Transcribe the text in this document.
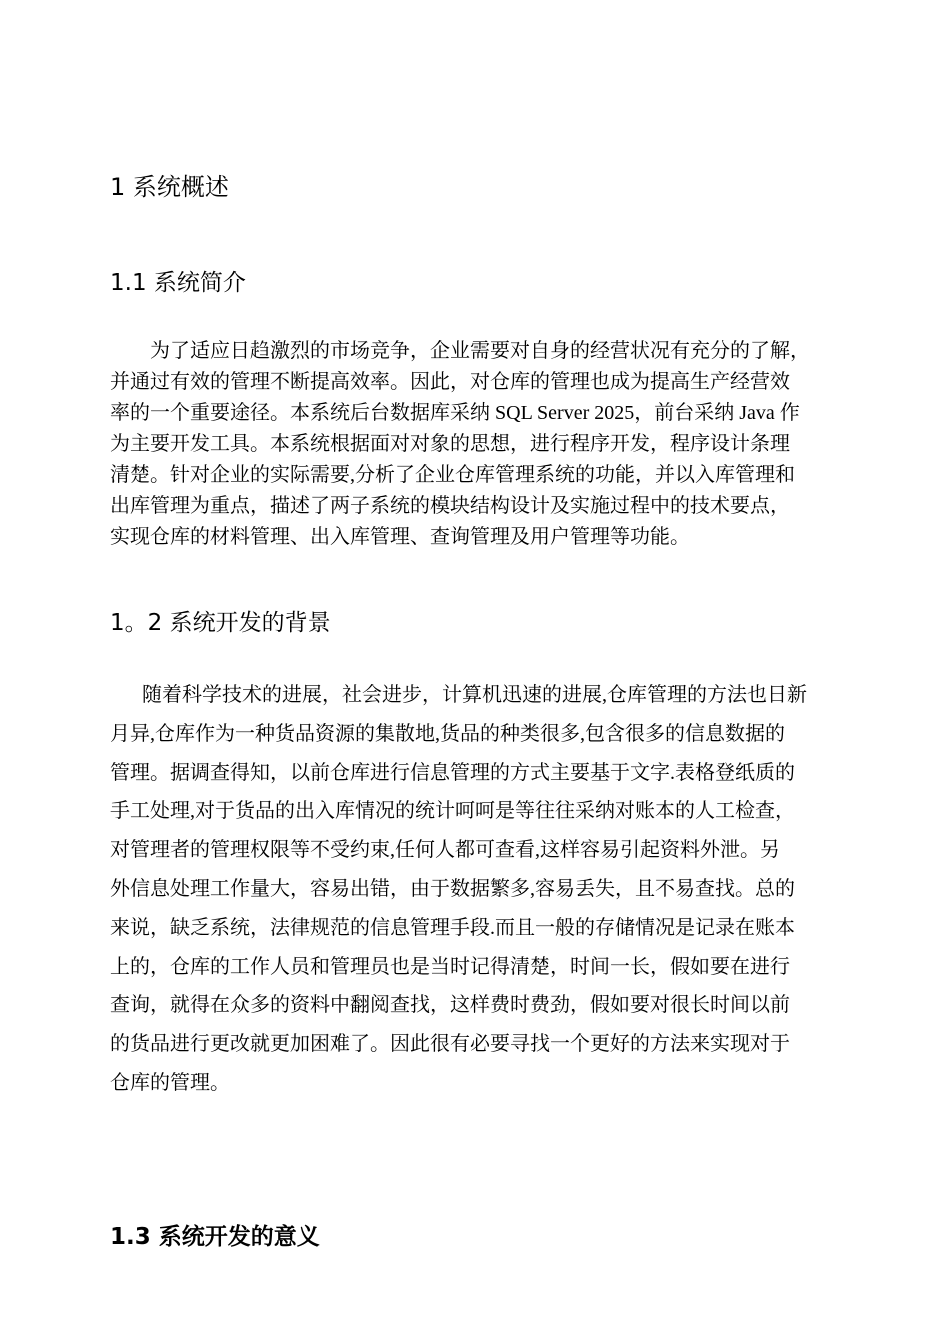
1 系统概述
1.1 系统简介
为了适应日趋激烈的市场竞争，企业需要对自身的经营状况有充分的了解，
并通过有效的管理不断提高效率。因此，对仓库的管理也成为提高生产经营效
率的一个重要途径。本系统后台数据库采纳 SQL Server 2025，前台采纳 Java 作
为主要开发工具。本系统根据面对对象的思想，进行程序开发，程序设计条理
清楚。针对企业的实际需要,分析了企业仓库管理系统的功能，并以入库管理和
出库管理为重点，描述了两子系统的模块结构设计及实施过程中的技术要点，
实现仓库的材料管理、出入库管理、查询管理及用户管理等功能。
1。2 系统开发的背景
随着科学技术的进展，社会进步，计算机迅速的进展,仓库管理的方法也日新
月异,仓库作为一种货品资源的集散地,货品的种类很多,包含很多的信息数据的
管理。据调查得知，以前仓库进行信息管理的方式主要基于文字.表格登纸质的
手工处理,对于货品的出入库情况的统计呵呵是等往往采纳对账本的人工检查，
对管理者的管理权限等不受约束,任何人都可查看,这样容易引起资料外泄。另
外信息处理工作量大，容易出错，由于数据繁多,容易丢失，且不易查找。总的
来说，缺乏系统，法律规范的信息管理手段.而且一般的存储情况是记录在账本
上的，仓库的工作人员和管理员也是当时记得清楚，时间一长，假如要在进行
查询，就得在众多的资料中翻阅查找，这样费时费劲，假如要对很长时间以前
的货品进行更改就更加困难了。因此很有必要寻找一个更好的方法来实现对于
仓库的管理。
1.3 系统开发的意义
